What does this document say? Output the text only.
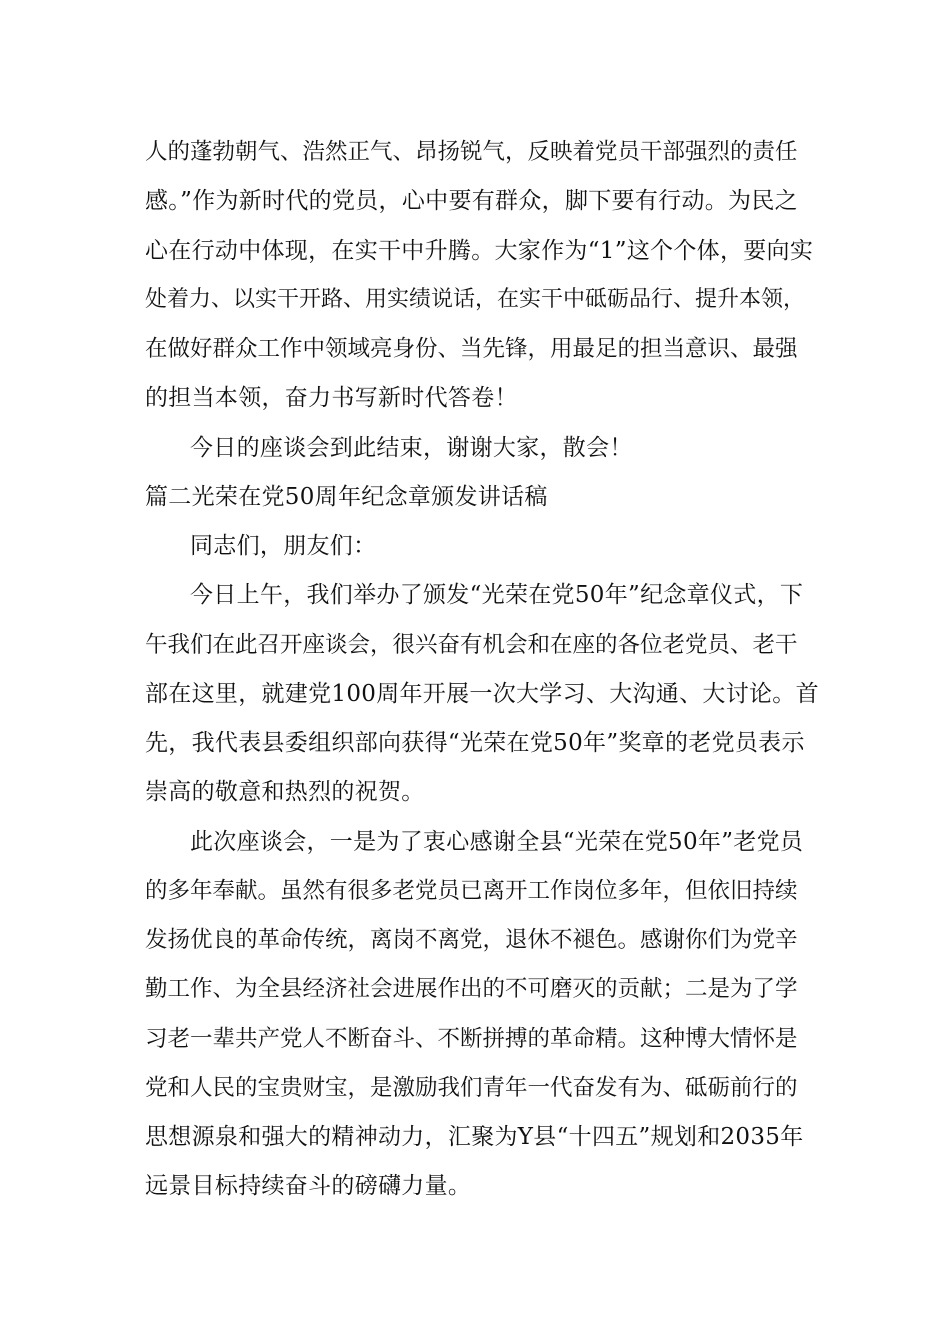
人的蓬勃朝气、浩然正气、昂扬锐气，反映着党员干部强烈的责任
感。”作为新时代的党员，心中要有群众，脚下要有行动。为民之
心在行动中体现，在实干中升腾。大家作为“1”这个个体，要向实
处着力、以实干开路、用实绩说话，在实干中砥砺品行、提升本领，
在做好群众工作中领域亮身份、当先锋，用最足的担当意识、最强
的担当本领，奋力书写新时代答卷！
今日的座谈会到此结束，谢谢大家，散会！
篇二光荣在党50周年纪念章颁发讲话稿
同志们，朋友们：
今日上午，我们举办了颁发“光荣在党50年”纪念章仪式，下
午我们在此召开座谈会，很兴奋有机会和在座的各位老党员、老干
部在这里，就建党100周年开展一次大学习、大沟通、大讨论。首
先，我代表县委组织部向获得“光荣在党50年”奖章的老党员表示
崇高的敬意和热烈的祝贺。
此次座谈会，一是为了衷心感谢全县“光荣在党50年”老党员
的多年奉献。虽然有很多老党员已离开工作岗位多年，但依旧持续
发扬优良的革命传统，离岗不离党，退休不褪色。感谢你们为党辛
勤工作、为全县经济社会进展作出的不可磨灭的贡献；二是为了学
习老一辈共产党人不断奋斗、不断拼搏的革命精。这种博大情怀是
党和人民的宝贵财宝，是激励我们青年一代奋发有为、砥砺前行的
思想源泉和强大的精神动力，汇聚为Y县“十四五”规划和2035年
远景目标持续奋斗的磅礴力量。
